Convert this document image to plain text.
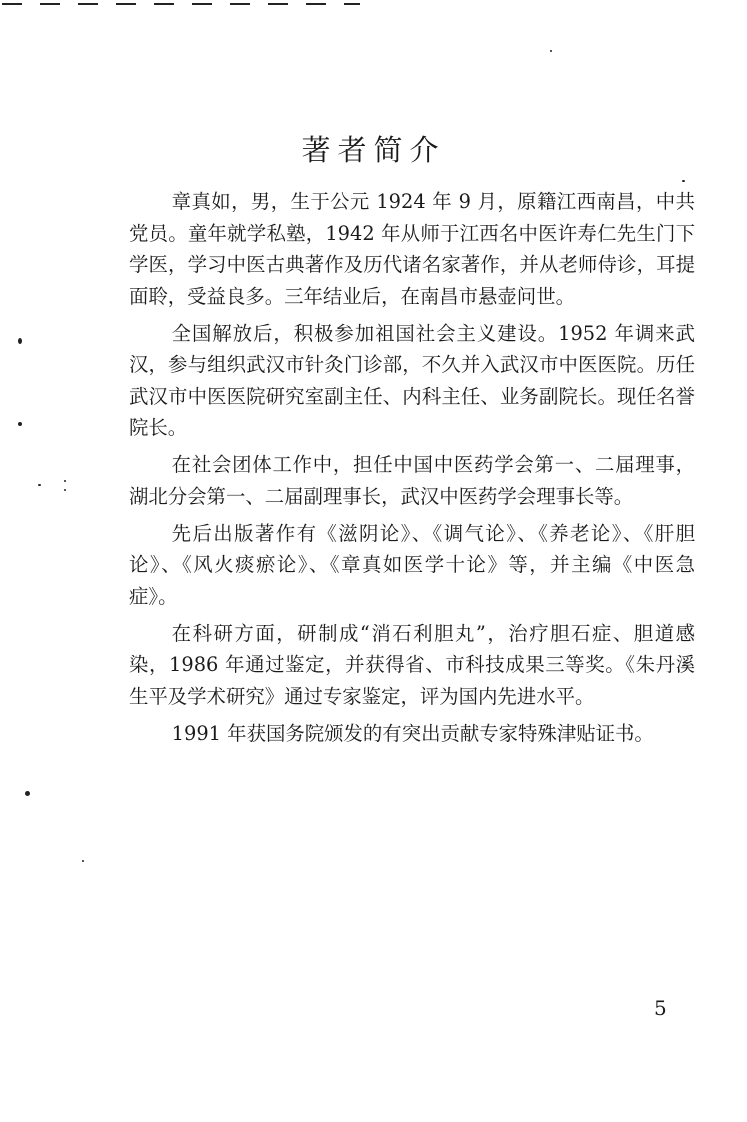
著者简介

章真如，男，生于公元 1924 年 9 月，原籍江西南昌，中共党员。童年就学私塾，1942 年从师于江西名中医许寿仁先生门下学医，学习中医古典著作及历代诸名家著作，并从老师侍诊，耳提面聆，受益良多。三年结业后，在南昌市悬壶问世。

全国解放后，积极参加祖国社会主义建设。1952 年调来武汉，参与组织武汉市针灸门诊部，不久并入武汉市中医医院。历任武汉市中医医院研究室副主任、内科主任、业务副院长。现任名誉院长。

在社会团体工作中，担任中国中医药学会第一、二届理事，湖北分会第一、二届副理事长，武汉中医药学会理事长等。

先后出版著作有《滋阴论》、《调气论》、《养老论》、《肝胆论》、《风火痰瘀论》、《章真如医学十论》等，并主编《中医急症》。

在科研方面，研制成“消石利胆丸”，治疗胆石症、胆道感染，1986 年通过鉴定，并获得省、市科技成果三等奖。《朱丹溪生平及学术研究》通过专家鉴定，评为国内先进水平。

1991 年获国务院颁发的有突出贡献专家特殊津贴证书。

5
